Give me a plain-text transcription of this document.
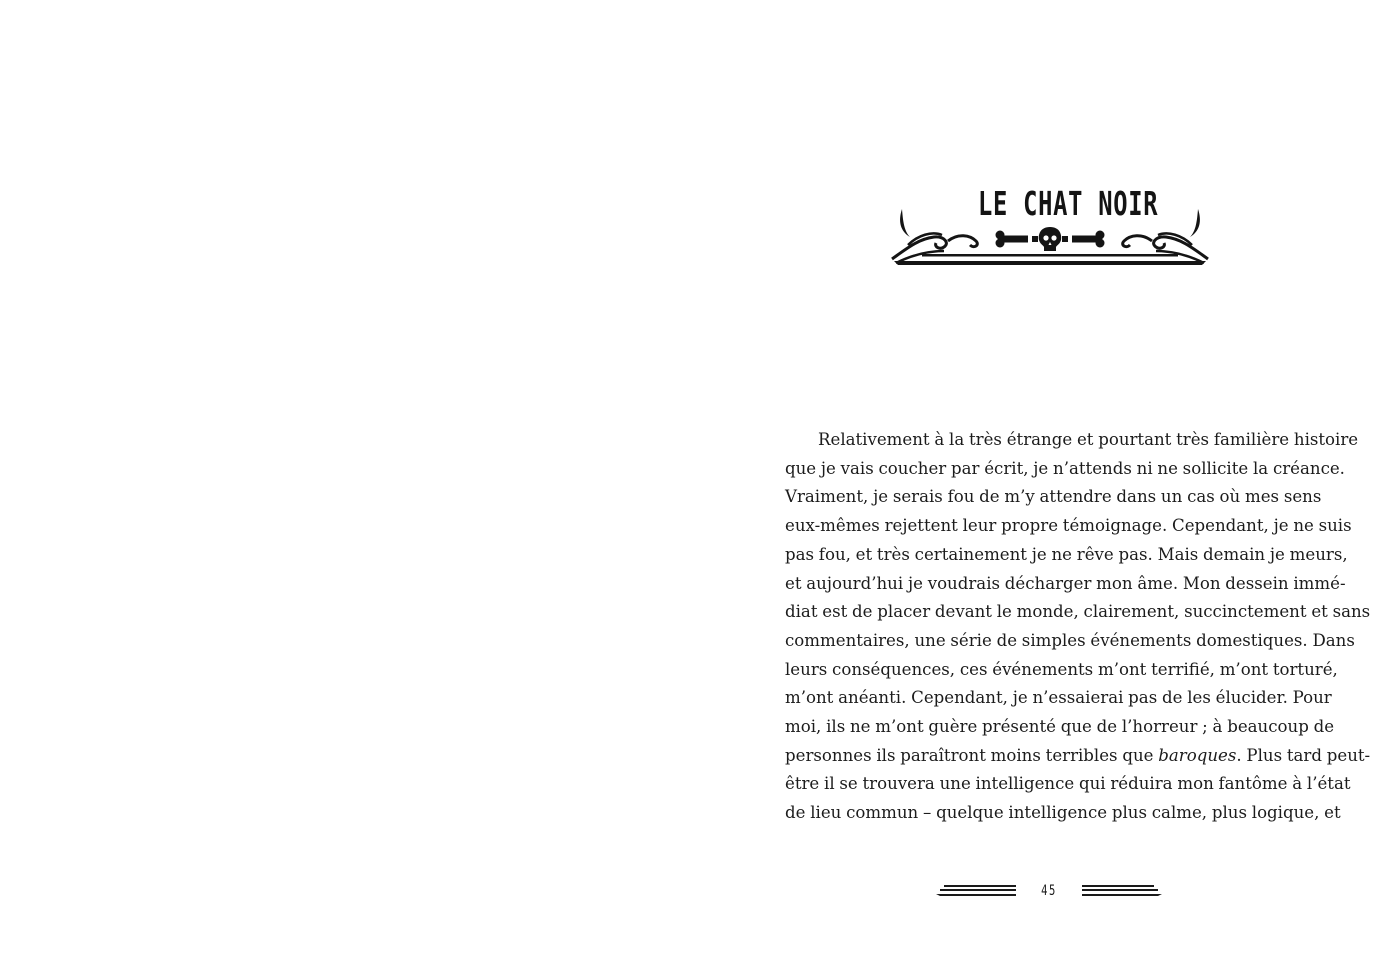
LE CHAT NOIR
Relativement à la très étrange et pourtant très familière histoire
que je vais coucher par écrit, je n’attends ni ne sollicite la créance.
Vraiment, je serais fou de m’y attendre dans un cas où mes sens
eux-mêmes rejettent leur propre témoignage. Cependant, je ne suis
pas fou, et très certainement je ne rêve pas. Mais demain je meurs,
et aujourd’hui je voudrais décharger mon âme. Mon dessein immé-
diat est de placer devant le monde, clairement, succinctement et sans
commentaires, une série de simples événements domestiques. Dans
leurs conséquences, ces événements m’ont terrifié, m’ont torturé,
m’ont anéanti. Cependant, je n’essaierai pas de les élucider. Pour
moi, ils ne m’ont guère présenté que de l’horreur ; à beaucoup de
personnes ils paraîtront moins terribles que baroques. Plus tard peut-
être il se trouvera une intelligence qui réduira mon fantôme à l’état
de lieu commun – quelque intelligence plus calme, plus logique, et
45
